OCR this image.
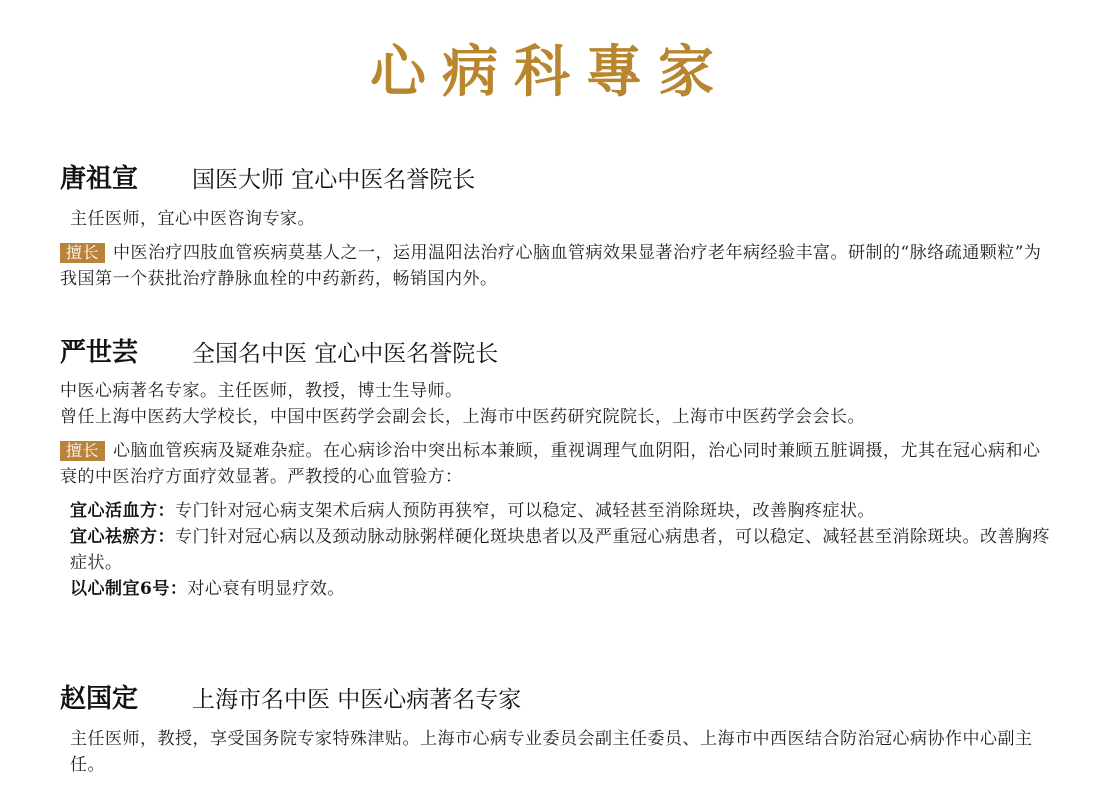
心病科專家
唐祖宣	国医大师 宜心中医名誉院长

主任医师，宜心中医咨询专家。

擅长 中医治疗四肢血管疾病莫基人之一，运用温阳法治疗心脑血管病效果显著治疗老年病经验丰富。研制的“脉络疏通颗粒”为我国第一个获批治疗静脉血栓的中药新药，畅销国内外。

严世芸	全国名中医 宜心中医名誉院长

中医心病著名专家。主任医师，教授，博士生导师。

曾任上海中医药大学校长，中国中医药学会副会长，上海市中医药研究院院长，上海市中医药学会会长。

擅长 心脑血管疾病及疑难杂症。在心病诊治中突出标本兼顾，重视调理气血阴阳，治心同时兼顾五脏调摄，尤其在冠心病和心衰的中医治疗方面疗效显著。严教授的心血管验方：

宜心活血方：专门针对冠心病支架术后病人预防再狭窄，可以稳定、减轻甚至消除斑块，改善胸疼症状。

宜心祛瘀方：专门针对冠心病以及颈动脉动脉粥样硬化斑块患者以及严重冠心病患者，可以稳定、减轻甚至消除斑块。改善胸疼症状。

以心制宜6号：对心衰有明显疗效。

赵国定	上海市名中医 中医心病著名专家

主任医师，教授，享受国务院专家特殊津贴。上海市心病专业委员会副主任委员、上海市中西医结合防治冠心病协作中心副主任。
